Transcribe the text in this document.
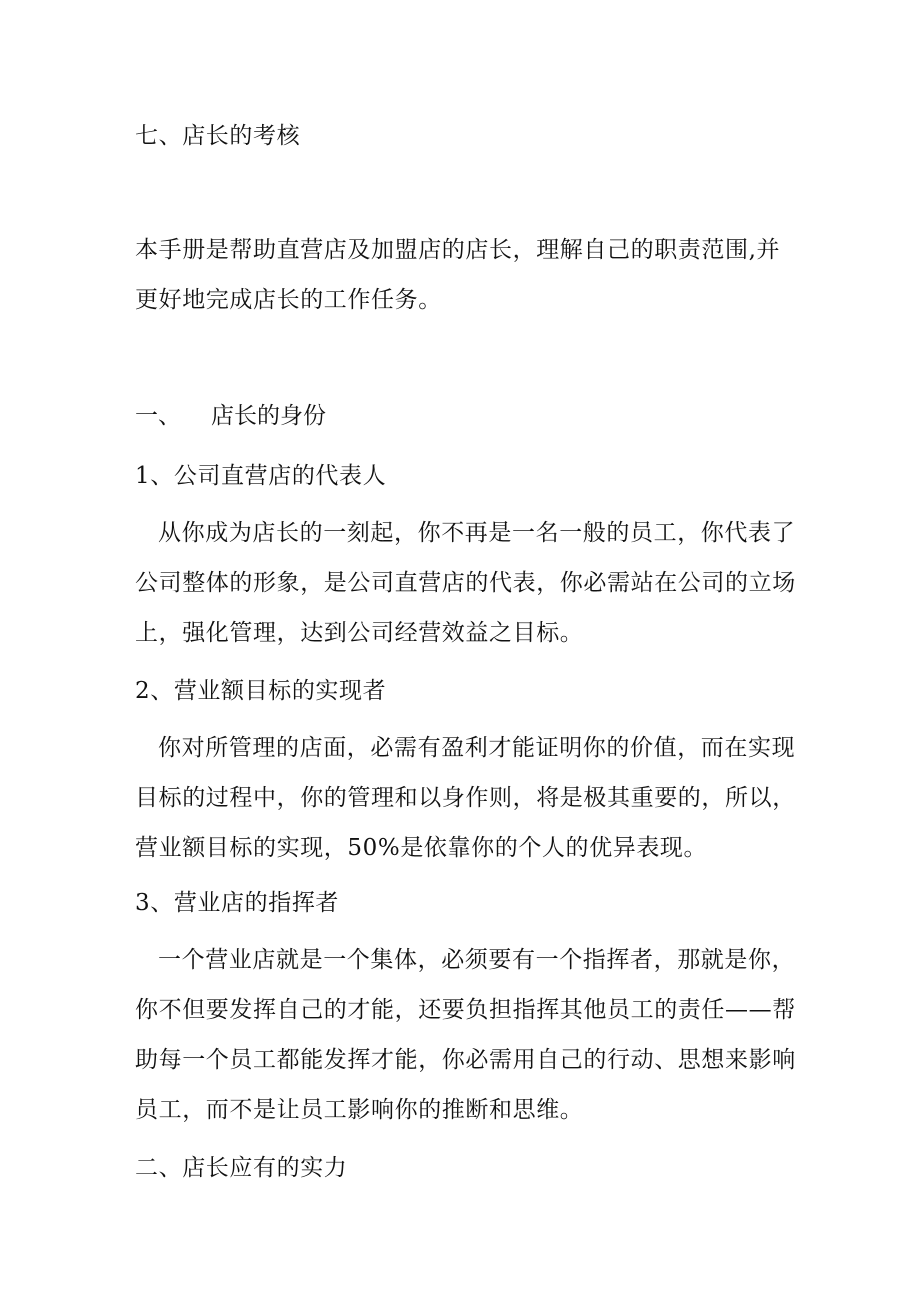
七、店长的考核
本手册是帮助直营店及加盟店的店长，理解自己的职责范围,并
更好地完成店长的工作任务。
一、 店长的身份
1、公司直营店的代表人
从你成为店长的一刻起，你不再是一名一般的员工，你代表了
公司整体的形象，是公司直营店的代表，你必需站在公司的立场
上，强化管理，达到公司经营效益之目标。
2、营业额目标的实现者
你对所管理的店面，必需有盈利才能证明你的价值，而在实现
目标的过程中，你的管理和以身作则，将是极其重要的，所以，
营业额目标的实现，50%是依靠你的个人的优异表现。
3、营业店的指挥者
一个营业店就是一个集体，必须要有一个指挥者，那就是你，
你不但要发挥自己的才能，还要负担指挥其他员工的责任——帮
助每一个员工都能发挥才能，你必需用自己的行动、思想来影响
员工，而不是让员工影响你的推断和思维。
二、店长应有的实力
